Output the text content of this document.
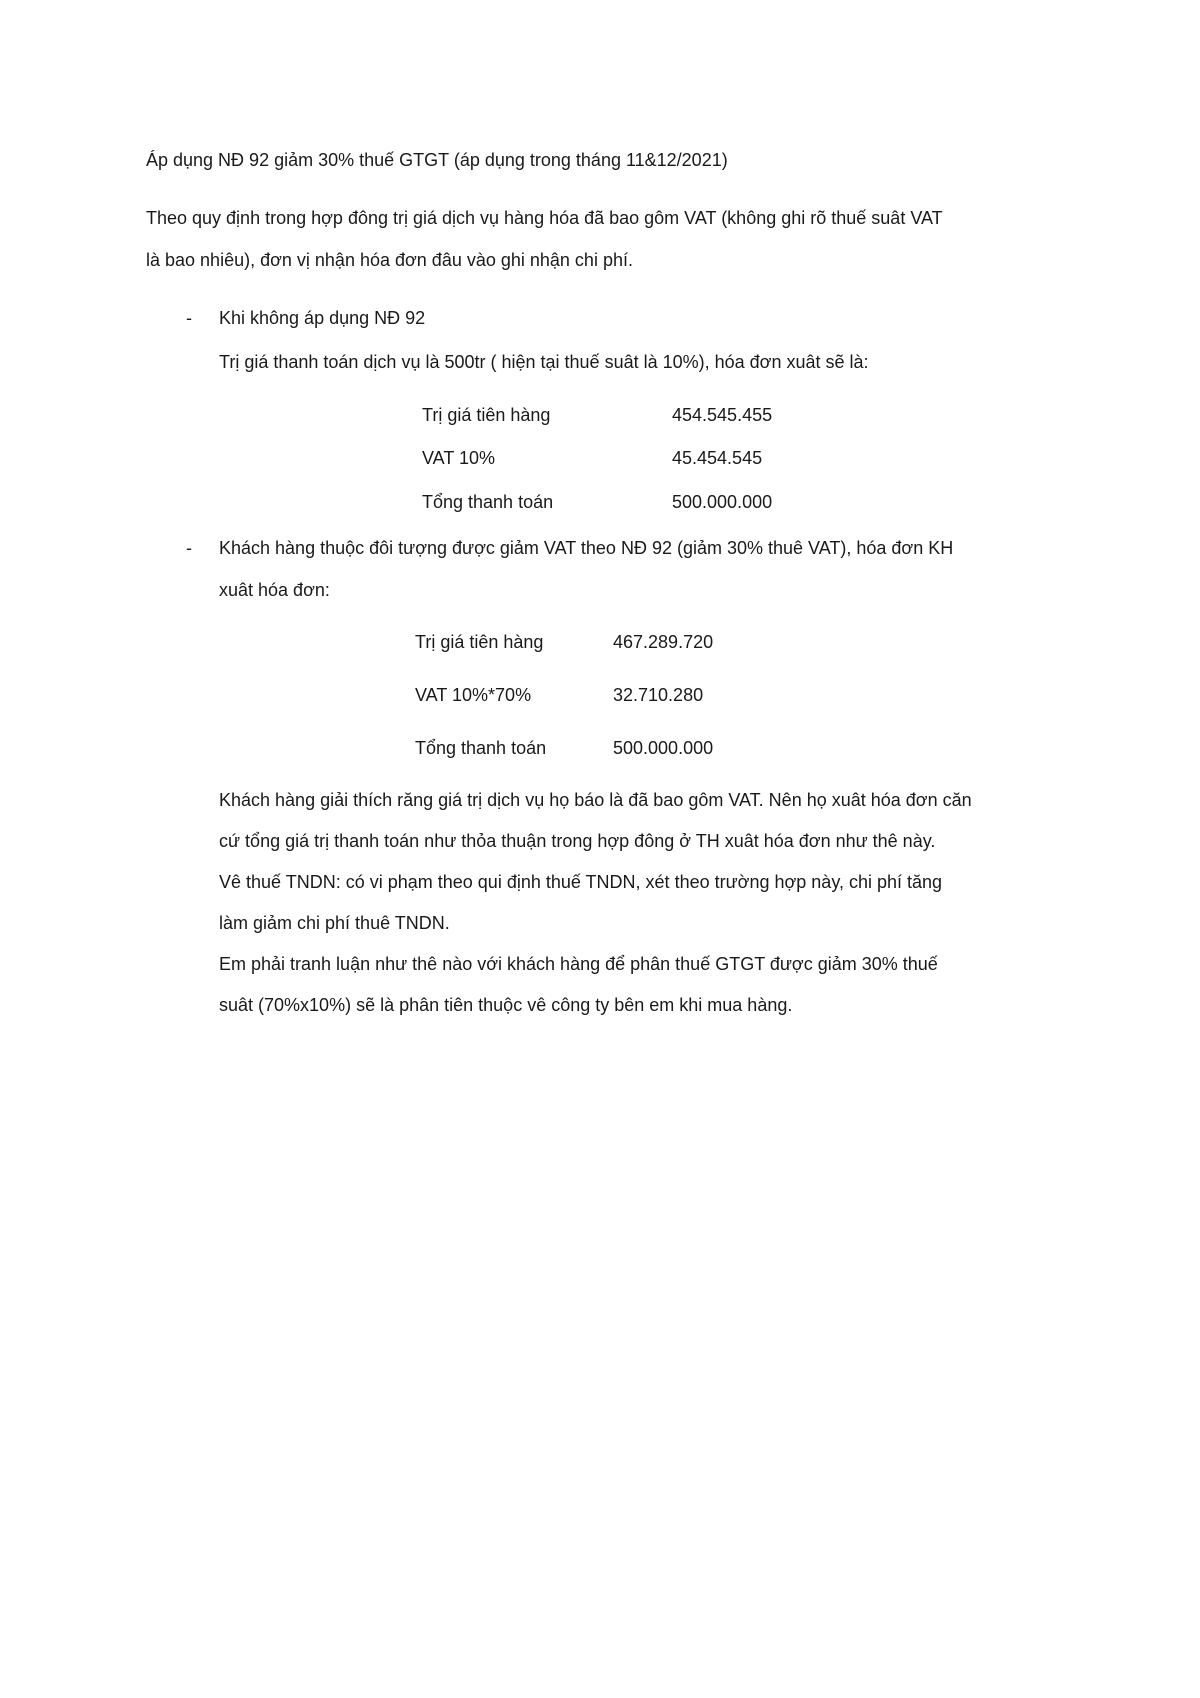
Áp dụng NĐ 92 giảm 30% thuế GTGT (áp dụng trong tháng 11&12/2021)
Theo quy định trong hợp đông trị giá dịch vụ hàng hóa đã bao gôm VAT (không ghi rõ thuế suât VAT
là bao nhiêu), đơn vị nhận hóa đơn đâu vào ghi nhận chi phí.
- Khi không áp dụng NĐ 92
Trị giá thanh toán dịch vụ là 500tr ( hiện tại thuế suât là 10%), hóa đơn xuât sẽ là:
Trị giá tiên hàng	454.545.455
VAT 10%	45.454.545
Tổng thanh toán	500.000.000
- Khách hàng thuộc đôi tượng được giảm VAT theo NĐ 92 (giảm 30% thuê VAT), hóa đơn KH
xuât hóa đơn:
Trị giá tiên hàng	467.289.720
VAT 10%*70%	32.710.280
Tổng thanh toán	500.000.000
Khách hàng giải thích răng giá trị dịch vụ họ báo là đã bao gôm VAT. Nên họ xuât hóa đơn căn
cứ tổng giá trị thanh toán như thỏa thuận trong hợp đông ở TH xuât hóa đơn như thê này.
Vê thuế TNDN: có vi phạm theo qui định thuế TNDN, xét theo trường hợp này, chi phí tăng
làm giảm chi phí thuê TNDN.
Em phải tranh luận như thê nào với khách hàng để phân thuế GTGT được giảm 30% thuế
suât (70%x10%) sẽ là phân tiên thuộc vê công ty bên em khi mua hàng.
